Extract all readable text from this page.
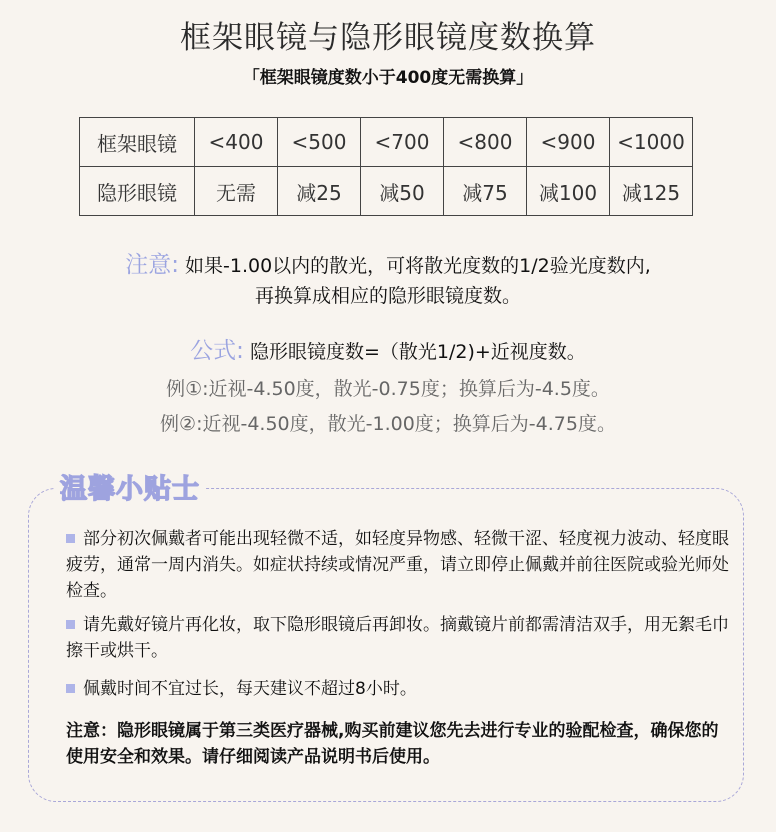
框架眼镜与隐形眼镜度数换算
「框架眼镜度数小于400度无需换算」
框架眼镜	<400	<500	<700	<800	<900	<1000
隐形眼镜	无需	减25	减50	减75	减100	减125
注意: 如果-1.00以内的散光，可将散光度数的1/2验光度数内,
再换算成相应的隐形眼镜度数。
公式: 隐形眼镜度数=（散光1/2)+近视度数。
例①:近视-4.50度，散光-0.75度；换算后为-4.5度。
例②:近视-4.50度，散光-1.00度；换算后为-4.75度。
温馨小贴士
部分初次佩戴者可能出现轻微不适，如轻度异物感、轻微干涩、轻度视力波动、轻度眼疲劳，通常一周内消失。如症状持续或情况严重，请立即停止佩戴并前往医院或验光师处检查。
请先戴好镜片再化妆，取下隐形眼镜后再卸妆。摘戴镜片前都需清洁双手，用无絮毛巾擦干或烘干。
佩戴时间不宜过长，每天建议不超过8小时。
注意：隐形眼镜属于第三类医疗器械,购买前建议您先去进行专业的验配检查，确保您的使用安全和效果。请仔细阅读产品说明书后使用。
